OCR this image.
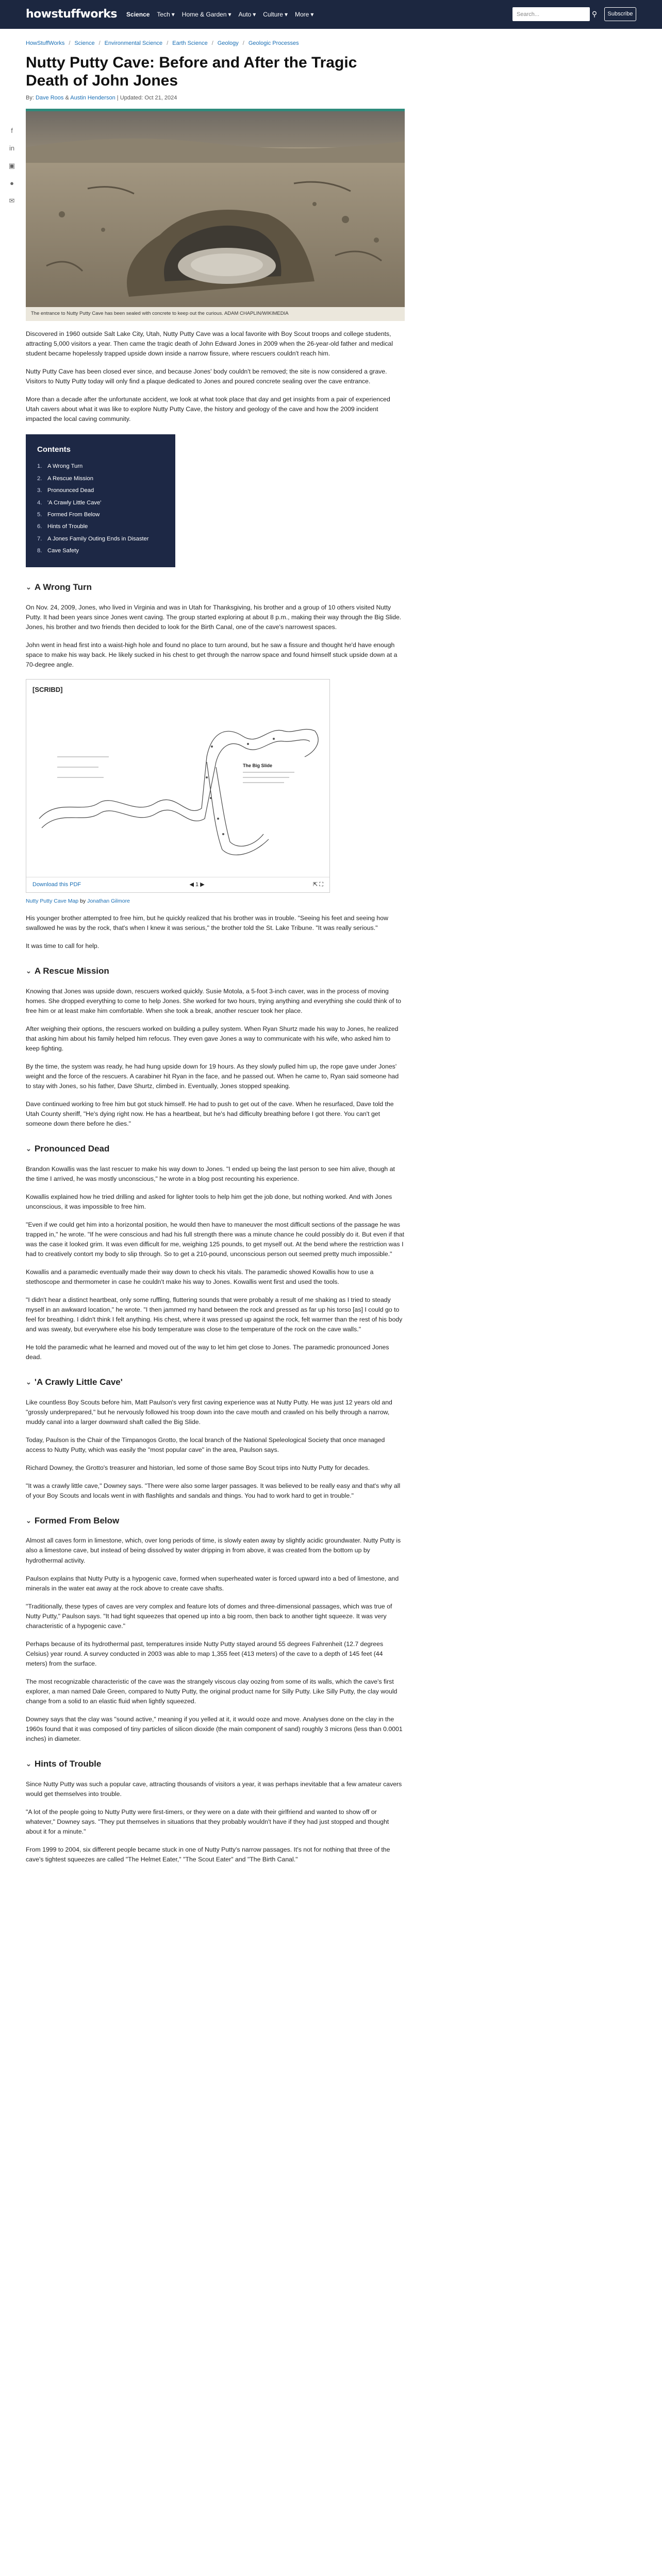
howstuffworks Science Tech ▾ Home & Garden ▾ Auto ▾ Culture ▾ More ▾	Search...	⚲	Subscribe
HowStuffWorks / Science / Environmental Science / Earth Science / Geology / Geologic Processes
Nutty Putty Cave: Before and After the Tragic Death of John Jones
By: Dave Roos & Austin Henderson | Updated: Oct 21, 2024
f
in
▣
●
✉
The entrance to Nutty Putty Cave has been sealed with concrete to keep out the curious. ADAM CHAPLIN/WIKIMEDIA

Discovered in 1960 outside Salt Lake City, Utah, Nutty Putty Cave was a local favorite with Boy Scout troops and college students, attracting 5,000 visitors a year. Then came the tragic death of John Edward Jones in 2009 when the 26-year-old father and medical student became hopelessly trapped upside down inside a narrow fissure, where rescuers couldn't reach him.

Nutty Putty Cave has been closed ever since, and because Jones' body couldn't be removed; the site is now considered a grave. Visitors to Nutty Putty today will only find a plaque dedicated to Jones and poured concrete sealing over the cave entrance.

More than a decade after the unfortunate accident, we look at what took place that day and get insights from a pair of experienced Utah cavers about what it was like to explore Nutty Putty Cave, the history and geology of the cave and how the 2009 incident impacted the local caving community.

Contents
1. A Wrong Turn
2. A Rescue Mission
3. Pronounced Dead
4. 'A Crawly Little Cave'
5. Formed From Below
6. Hints of Trouble
7. A Jones Family Outing Ends in Disaster
8. Cave Safety
⌄ A Wrong Turn

On Nov. 24, 2009, Jones, who lived in Virginia and was in Utah for Thanksgiving, his brother and a group of 10 others visited Nutty Putty. It had been years since Jones went caving. The group started exploring at about 8 p.m., making their way through the Big Slide. Jones, his brother and two friends then decided to look for the Birth Canal, one of the cave's narrowest spaces.

John went in head first into a waist-high hole and found no place to turn around, but he saw a fissure and thought he'd have enough space to make his way back. He likely sucked in his chest to get through the narrow space and found himself stuck upside down at a 70-degree angle.

[SCRIBD]
The Big Slide
Download this PDF	◀ 1 ▶	⇱ ⛶
Nutty Putty Cave Map by Jonathan Gilmore

His younger brother attempted to free him, but he quickly realized that his brother was in trouble. "Seeing his feet and seeing how swallowed he was by the rock, that's when I knew it was serious," the brother told the St. Lake Tribune. "It was really serious."

It was time to call for help.

⌄ A Rescue Mission

Knowing that Jones was upside down, rescuers worked quickly. Susie Motola, a 5-foot 3-inch caver, was in the process of moving homes. She dropped everything to come to help Jones. She worked for two hours, trying anything and everything she could think of to free him or at least make him comfortable. When she took a break, another rescuer took her place.

After weighing their options, the rescuers worked on building a pulley system. When Ryan Shurtz made his way to Jones, he realized that asking him about his family helped him refocus. They even gave Jones a way to communicate with his wife, who asked him to keep fighting.

By the time, the system was ready, he had hung upside down for 19 hours. As they slowly pulled him up, the rope gave under Jones' weight and the force of the rescuers. A carabiner hit Ryan in the face, and he passed out. When he came to, Ryan said someone had to stay with Jones, so his father, Dave Shurtz, climbed in. Eventually, Jones stopped speaking.

Dave continued working to free him but got stuck himself. He had to push to get out of the cave. When he resurfaced, Dave told the Utah County sheriff, "He's dying right now. He has a heartbeat, but he's had difficulty breathing before I got there. You can't get someone down there before he dies."

⌄ Pronounced Dead

Brandon Kowallis was the last rescuer to make his way down to Jones. "I ended up being the last person to see him alive, though at the time I arrived, he was mostly unconscious," he wrote in a blog post recounting his experience.

Kowallis explained how he tried drilling and asked for lighter tools to help him get the job done, but nothing worked. And with Jones unconscious, it was impossible to free him.

"Even if we could get him into a horizontal position, he would then have to maneuver the most difficult sections of the passage he was trapped in," he wrote. "If he were conscious and had his full strength there was a minute chance he could possibly do it. But even if that was the case it looked grim. It was even difficult for me, weighing 125 pounds, to get myself out. At the bend where the restriction was I had to creatively contort my body to slip through. So to get a 210-pound, unconscious person out seemed pretty much impossible."

Kowallis and a paramedic eventually made their way down to check his vitals. The paramedic showed Kowallis how to use a stethoscope and thermometer in case he couldn't make his way to Jones. Kowallis went first and used the tools.

"I didn't hear a distinct heartbeat, only some ruffling, fluttering sounds that were probably a result of me shaking as I tried to steady myself in an awkward location," he wrote. "I then jammed my hand between the rock and pressed as far up his torso [as] I could go to feel for breathing. I didn't think I felt anything. His chest, where it was pressed up against the rock, felt warmer than the rest of his body and was sweaty, but everywhere else his body temperature was close to the temperature of the rock on the cave walls."

He told the paramedic what he learned and moved out of the way to let him get close to Jones. The paramedic pronounced Jones dead.

⌄ 'A Crawly Little Cave'

Like countless Boy Scouts before him, Matt Paulson's very first caving experience was at Nutty Putty. He was just 12 years old and "grossly underprepared," but he nervously followed his troop down into the cave mouth and crawled on his belly through a narrow, muddy canal into a larger downward shaft called the Big Slide.

Today, Paulson is the Chair of the Timpanogos Grotto, the local branch of the National Speleological Society that once managed access to Nutty Putty, which was easily the "most popular cave" in the area, Paulson says.

Richard Downey, the Grotto's treasurer and historian, led some of those same Boy Scout trips into Nutty Putty for decades.

"It was a crawly little cave," Downey says. "There were also some larger passages. It was believed to be really easy and that's why all of your Boy Scouts and locals went in with flashlights and sandals and things. You had to work hard to get in trouble."

⌄ Formed From Below

Almost all caves form in limestone, which, over long periods of time, is slowly eaten away by slightly acidic groundwater. Nutty Putty is also a limestone cave, but instead of being dissolved by water dripping in from above, it was created from the bottom up by hydrothermal activity.

Paulson explains that Nutty Putty is a hypogenic cave, formed when superheated water is forced upward into a bed of limestone, and minerals in the water eat away at the rock above to create cave shafts.

"Traditionally, these types of caves are very complex and feature lots of domes and three-dimensional passages, which was true of Nutty Putty," Paulson says. "It had tight squeezes that opened up into a big room, then back to another tight squeeze. It was very characteristic of a hypogenic cave."

Perhaps because of its hydrothermal past, temperatures inside Nutty Putty stayed around 55 degrees Fahrenheit (12.7 degrees Celsius) year round. A survey conducted in 2003 was able to map 1,355 feet (413 meters) of the cave to a depth of 145 feet (44 meters) from the surface.

The most recognizable characteristic of the cave was the strangely viscous clay oozing from some of its walls, which the cave's first explorer, a man named Dale Green, compared to Nutty Putty, the original product name for Silly Putty. Like Silly Putty, the clay would change from a solid to an elastic fluid when lightly squeezed.

Downey says that the clay was "sound active," meaning if you yelled at it, it would ooze and move. Analyses done on the clay in the 1960s found that it was composed of tiny particles of silicon dioxide (the main component of sand) roughly 3 microns (less than 0.0001 inches) in diameter.

⌄ Hints of Trouble

Since Nutty Putty was such a popular cave, attracting thousands of visitors a year, it was perhaps inevitable that a few amateur cavers would get themselves into trouble.

"A lot of the people going to Nutty Putty were first-timers, or they were on a date with their girlfriend and wanted to show off or whatever," Downey says. "They put themselves in situations that they probably wouldn't have if they had just stopped and thought about it for a minute."

From 1999 to 2004, six different people became stuck in one of Nutty Putty's narrow passages. It's not for nothing that three of the cave's tightest squeezes are called "The Helmet Eater," "The Scout Eater" and "The Birth Canal."
